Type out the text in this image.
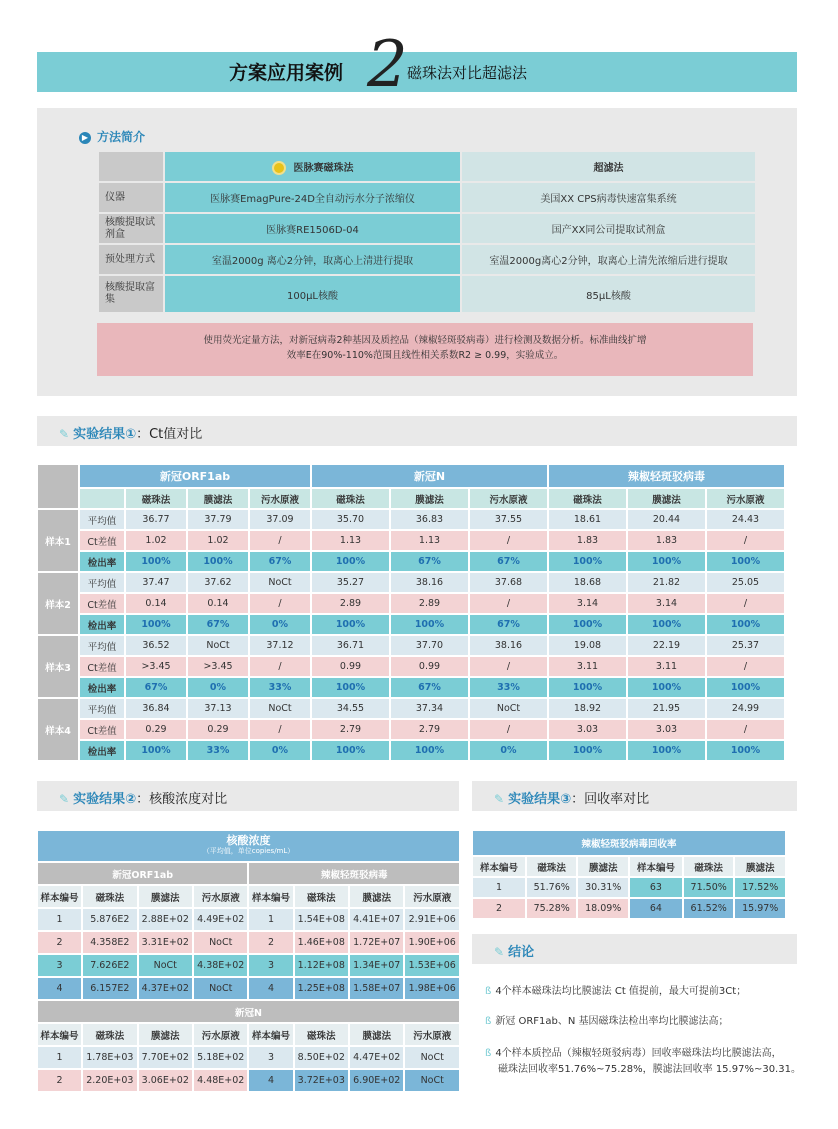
方案应用案例 2 磁珠法对比超滤法
▶ 方法简介
	医脉赛磁珠法	超滤法
仪器	医脉赛EmagPure-24D全自动污水分子浓缩仪	美国XX CPS病毒快速富集系统
核酸提取试剂盒	医脉赛RE1506D-04	国产XX同公司提取试剂盒
预处理方式	室温2000g 离心2分钟，取离心上清进行提取	室温2000g离心2分钟，取离心上清先浓缩后进行提取
核酸提取富集	100μL核酸	85μL核酸
使用荧光定量方法，对新冠病毒2种基因及质控品（辣椒轻斑驳病毒）进行检测及数据分析。标准曲线扩增
效率E在90%-110%范围且线性相关系数R2 ≥ 0.99，实验成立。
✎ 实验结果①：Ct值对比
	新冠ORF1ab				新冠N			辣椒轻斑驳病毒		
		磁珠法	膜滤法	污水原液	磁珠法	膜滤法	污水原液	磁珠法	膜滤法	污水原液
样本1	平均值	36.77	37.79	37.09	35.70	36.83	37.55	18.61	20.44	24.43
	Ct差值	1.02	1.02	/	1.13	1.13	/	1.83	1.83	/
	检出率	100%	100%	67%	100%	67%	67%	100%	100%	100%
样本2	平均值	37.47	37.62	NoCt	35.27	38.16	37.68	18.68	21.82	25.05
	Ct差值	0.14	0.14	/	2.89	2.89	/	3.14	3.14	/
	检出率	100%	67%	0%	100%	100%	67%	100%	100%	100%
样本3	平均值	36.52	NoCt	37.12	36.71	37.70	38.16	19.08	22.19	25.37
	Ct差值	>3.45	>3.45	/	0.99	0.99	/	3.11	3.11	/
	检出率	67%	0%	33%	100%	67%	33%	100%	100%	100%
样本4	平均值	36.84	37.13	NoCt	34.55	37.34	NoCt	18.92	21.95	24.99
	Ct差值	0.29	0.29	/	2.79	2.79	/	3.03	3.03	/
	检出率	100%	33%	0%	100%	100%	0%	100%	100%	100%
✎ 实验结果②：核酸浓度对比	✎ 实验结果③：回收率对比
核酸浓度
（平均值，单位copies/mL）							

新冠ORF1ab				辣椒轻斑驳病毒			
样本编号	磁珠法	膜滤法	污水原液	样本编号	磁珠法	膜滤法	污水原液
1	5.876E2	2.88E+02	4.49E+02	1	1.54E+08	4.41E+07	2.91E+06
2	4.358E2	3.31E+02	NoCt	2	1.46E+08	1.72E+07	1.90E+06
3	7.626E2	NoCt	4.38E+02	3	1.12E+08	1.34E+07	1.53E+06
4	6.157E2	4.37E+02	NoCt	4	1.25E+08	1.58E+07	1.98E+06
新冠N							
样本编号	磁珠法	膜滤法	污水原液	样本编号	磁珠法	膜滤法	污水原液
1	1.78E+03	7.70E+02	5.18E+02	3	8.50E+02	4.47E+02	NoCt
2	2.20E+03	3.06E+02	4.48E+02	4	3.72E+03	6.90E+02	NoCt
辣椒轻斑驳病毒回收率					
样本编号	磁珠法	膜滤法	样本编号	磁珠法	膜滤法
1	51.76%	30.31%	63	71.50%	17.52%
2	75.28%	18.09%	64	61.52%	15.97%
✎ 结论
ß 4个样本磁珠法均比膜滤法 Ct 值提前，最大可提前3Ct；
ß 新冠 ORF1ab、N 基因磁珠法检出率均比膜滤法高；
ß 4个样本质控品（辣椒轻斑驳病毒）回收率磁珠法均比膜滤法高，
磁珠法回收率51.76%~75.28%，膜滤法回收率 15.97%~30.31。
